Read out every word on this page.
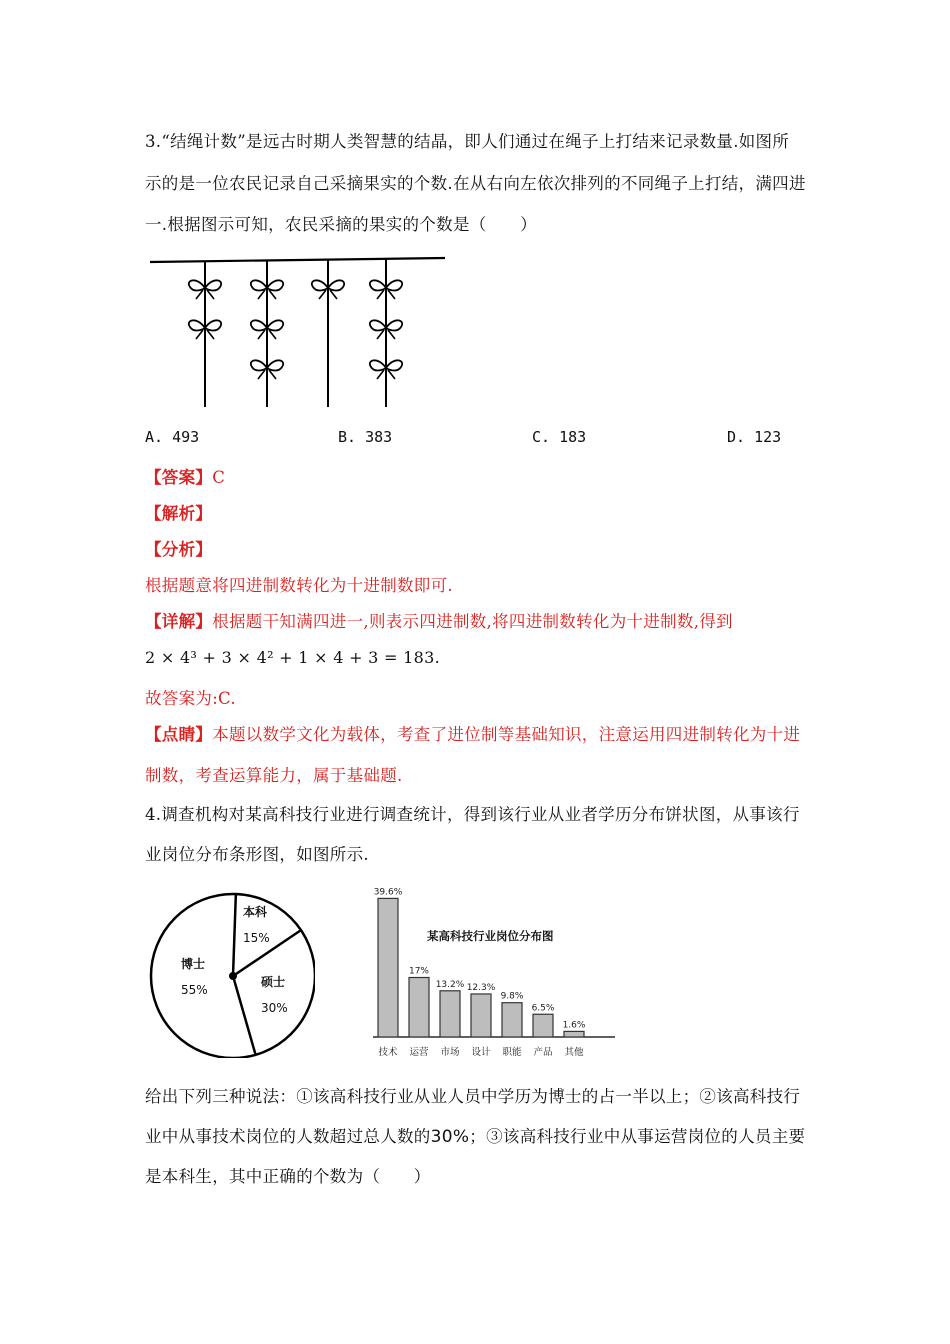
3.“结绳计数”是远古时期人类智慧的结晶，即人们通过在绳子上打结来记录数量.如图所
示的是一位农民记录自己采摘果实的个数.在从右向左依次排列的不同绳子上打结，满四进
一.根据图示可知，农民采摘的果实的个数是（　　）
A. 493	B. 383	C. 183	D. 123
【答案】C
【解析】
【分析】
根据题意将四进制数转化为十进制数即可.
【详解】根据题干知满四进一,则表示四进制数,将四进制数转化为十进制数,得到
2 × 4³ + 3 × 4² + 1 × 4 + 3 = 183.
故答案为:C.
【点睛】本题以数学文化为载体，考查了进位制等基础知识，注意运用四进制转化为十进
制数，考查运算能力，属于基础题.
4.调查机构对某高科技行业进行调查统计，得到该行业从业者学历分布饼状图，从事该行
业岗位分布条形图，如图所示.
本科
15%
硕士
30%
博士
55%
某高科技行业岗位分布图
39.6%
技术
17%
运营
13.2%
市场
12.3%
设计
9.8%
职能
6.5%
产品
1.6%
其他
给出下列三种说法：①该高科技行业从业人员中学历为博士的占一半以上；②该高科技行
业中从事技术岗位的人数超过总人数的30%；③该高科技行业中从事运营岗位的人员主要
是本科生，其中正确的个数为（　　）
